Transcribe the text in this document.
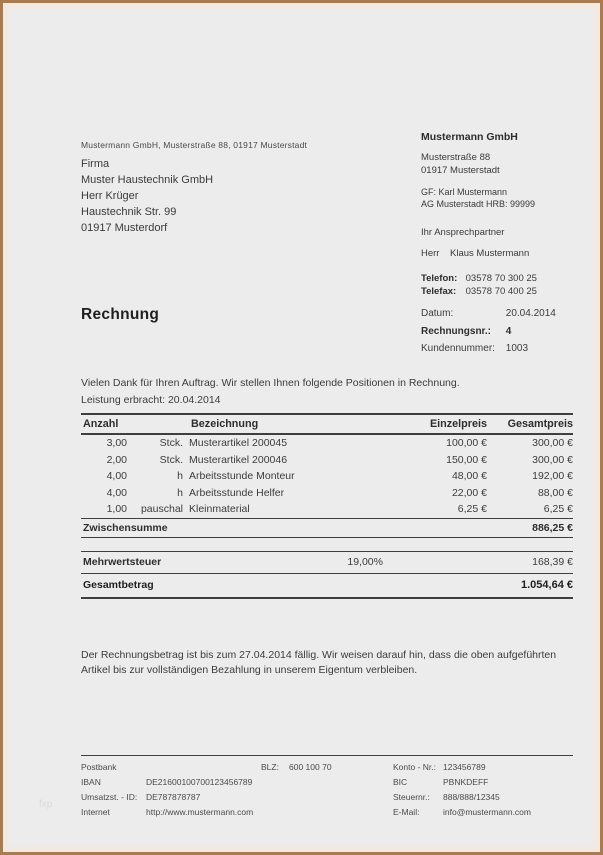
Mustermann GmbH, Musterstraße 88, 01917 Musterstadt
Firma
Muster Haustechnik GmbH
Herr Krüger
Haustechnik Str. 99
01917 Musterdorf
Mustermann GmbH
Musterstraße 88
01917 Musterstadt
GF: Karl Mustermann
AG Musterstadt HRB: 99999
Ihr Ansprechpartner
Herr    Klaus Mustermann
Telefon: 03578 70 300 25
Telefax: 03578 70 400 25
Rechnung	Datum:	20.04.2014
Rechnungsnr.: 4
Kundennummer: 1003
Vielen Dank für Ihren Auftrag. Wir stellen Ihnen folgende Positionen in Rechnung.
Leistung erbracht: 20.04.2014
Anzahl	Bezeichnung	Einzelpreis	Gesamtpreis
3,00	Stck. Musterartikel 200045	100,00 €	300,00 €
2,00	Stck. Musterartikel 200046	150,00 €	300,00 €
4,00	h Arbeitsstunde Monteur	48,00 €	192,00 €
4,00	h Arbeitsstunde Helfer	22,00 €	88,00 €
1,00	pauschal Kleinmaterial	6,25 €	6,25 €
Zwischensumme	886,25 €
Mehrwertsteuer	19,00%	168,39 €
Gesamtbetrag	1.054,64 €
Der Rechnungsbetrag ist bis zum 27.04.2014 fällig. Wir weisen darauf hin, dass die oben aufgeführten Artikel bis zur vollständigen Bezahlung in unserem Eigentum verbleiben.
Postbank	BLZ: 600 100 70	Konto - Nr.: 123456789
IBAN	DE21600100700123456789	BIC	PBNKDEFF
Umsatzst. - ID: DE787878787	Steuernr.: 888/888/12345
Internet	http://www.mustermann.com	E-Mail:	info@mustermann.com
fxp
